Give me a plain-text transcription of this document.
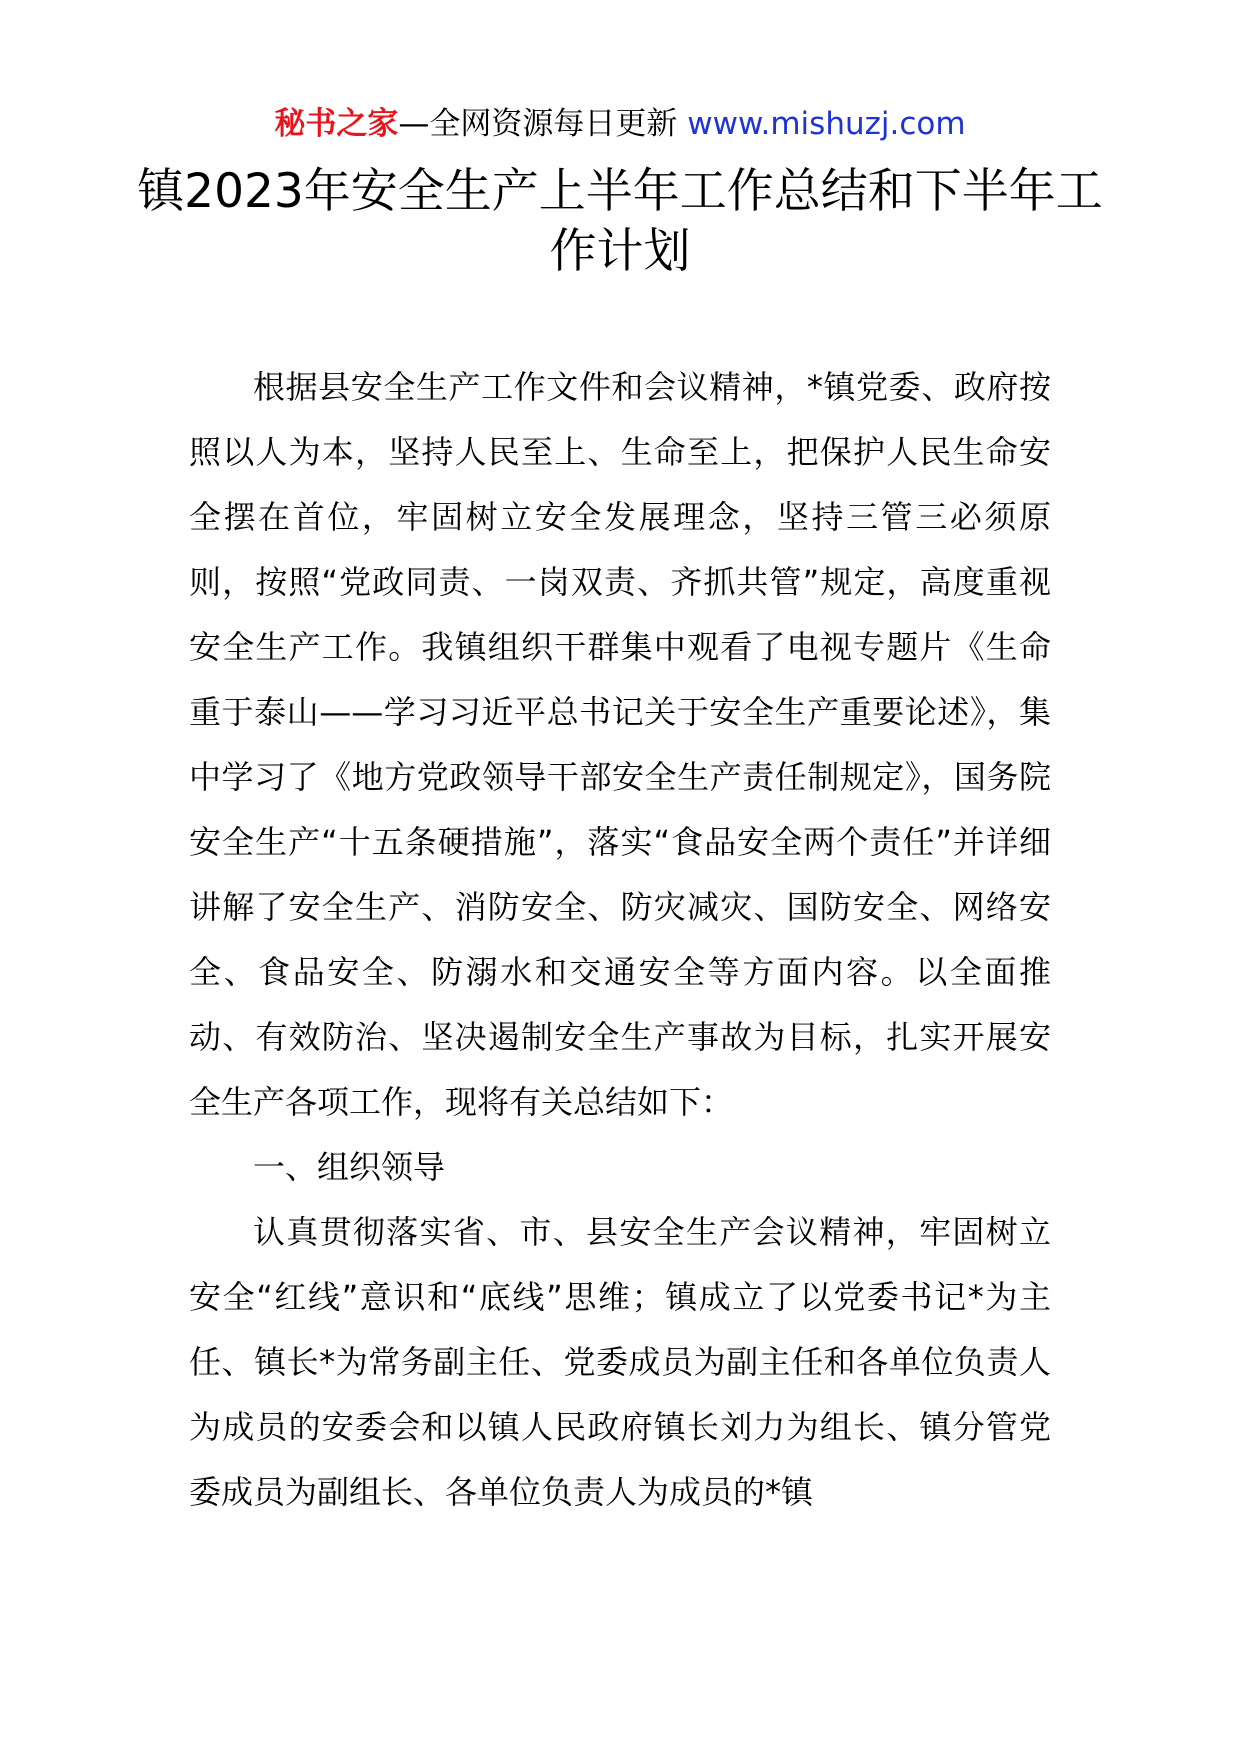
秘书之家—全网资源每日更新 www.mishuzj.com
镇2023年安全生产上半年工作总结和下半年工作计划

根据县安全生产工作文件和会议精神，*镇党委、政府按照以人为本，坚持人民至上、生命至上，把保护人民生命安全摆在首位，牢固树立安全发展理念，坚持三管三必须原则，按照“党政同责、一岗双责、齐抓共管”规定，高度重视安全生产工作。我镇组织干群集中观看了电视专题片《生命重于泰山——学习习近平总书记关于安全生产重要论述》，集中学习了《地方党政领导干部安全生产责任制规定》，国务院安全生产“十五条硬措施”，落实“食品安全两个责任”并详细讲解了安全生产、消防安全、防灾减灾、国防安全、网络安全、食品安全、防溺水和交通安全等方面内容。以全面推动、有效防治、坚决遏制安全生产事故为目标，扎实开展安全生产各项工作，现将有关总结如下：

一、组织领导

认真贯彻落实省、市、县安全生产会议精神，牢固树立安全“红线”意识和“底线”思维；镇成立了以党委书记*为主任、镇长*为常务副主任、党委成员为副主任和各单位负责人为成员的安委会和以镇人民政府镇长刘力为组长、镇分管党委成员为副组长、各单位负责人为成员的*镇
